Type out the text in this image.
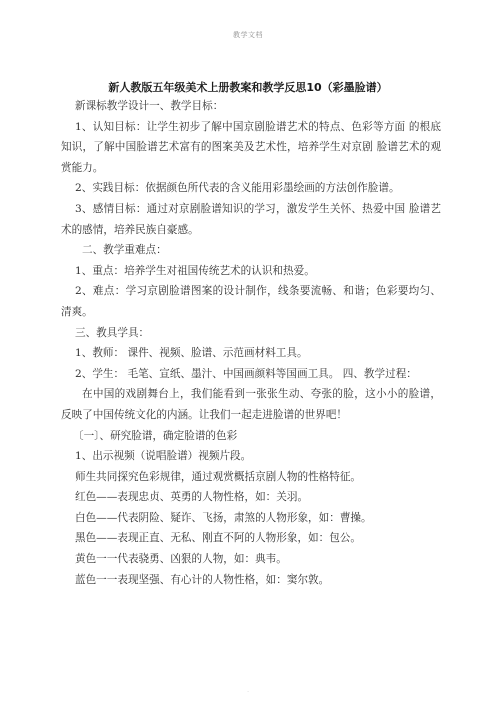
教学文档
新人教版五年级美术上册教案和教学反思10（彩墨脸谱）

新课标教学设计一、教学目标：

1、认知目标：让学生初步了解中国京剧脸谱艺术的特点、色彩等方面 的根底知识，了解中国脸谱艺术富有的图案美及艺术性，培养学生对京剧 脸谱艺术的观赏能力。

2、实践目标：依据颜色所代表的含义能用彩墨绘画的方法创作脸谱。

3、感情目标：通过对京剧脸谱知识的学习，激发学生关怀、热爱中国 脸谱艺术的感情，培养民族自豪感。

二、教学重难点：

1、重点：培养学生对祖国传统艺术的认识和热爱。

2、难点：学习京剧脸谱图案的设计制作，线条要流畅、和谐；色彩要均匀、清爽。

三、教具学具：

1、教师： 课件、视频、脸谱、示范画材料工具。

2、学生： 毛笔、宣纸、墨汁、中国画颜料等国画工具。 四、教学过程：

在中国的戏剧舞台上，我们能看到一张张生动、夸张的脸，这小小的脸谱，反映了中国传统文化的内涵。让我们一起走进脸谱的世界吧！

〔一〕、研究脸谱，确定脸谱的色彩

1、出示视频（说唱脸谱）视频片段。

师生共同探究色彩规律，通过观赏概括京剧人物的性格特征。

红色——表现忠贞、英勇的人物性格，如：关羽。

白色——代表阴险、疑诈、飞扬，肃煞的人物形象，如：曹操。

黑色——表现正直、无私、刚直不阿的人物形象，如：包公。

黄色一一代表骁勇、凶狠的人物，如：典韦。

蓝色一一表现坚强、有心计的人物性格，如：窦尔敦。

.
